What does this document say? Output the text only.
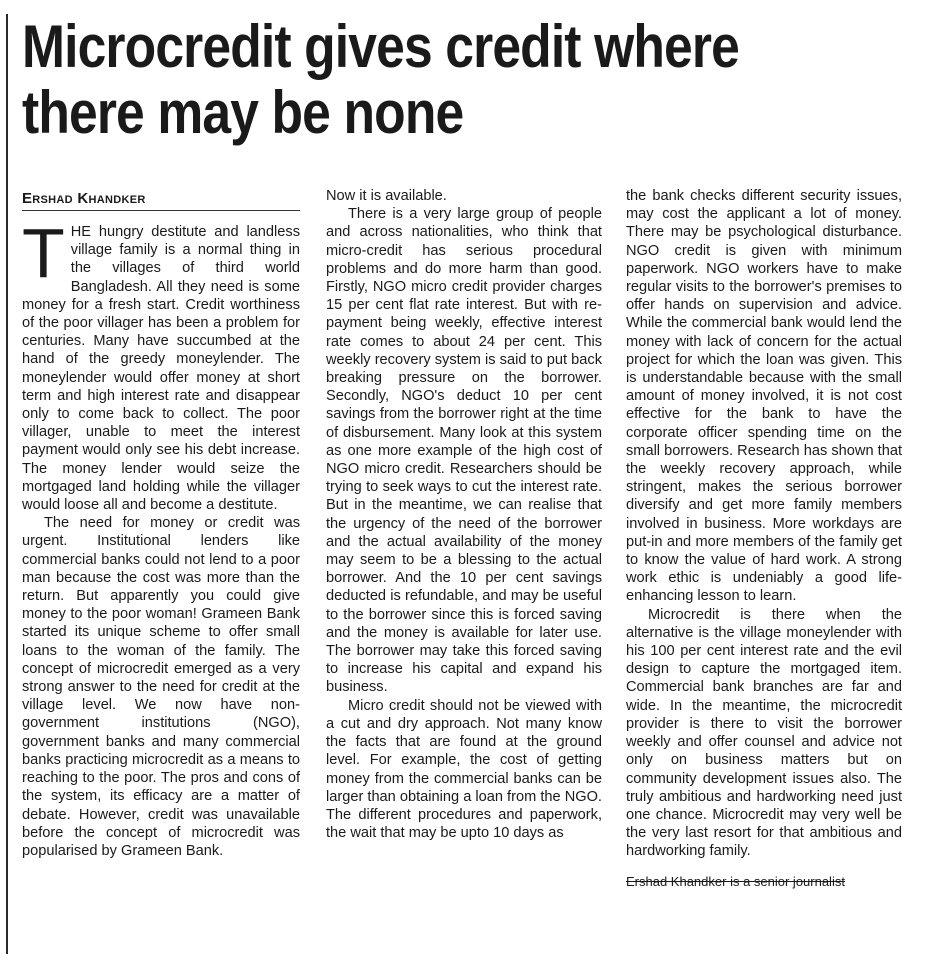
Microcredit gives credit where
there may be none
Ershad Khandker

THE hungry destitute and landless village family is a normal thing in the villages of third world Bangladesh. All they need is some money for a fresh start. Credit worthiness of the poor villager has been a problem for centuries. Many have succumbed at the hand of the greedy moneylender. The moneylender would offer money at short term and high interest rate and disappear only to come back to collect. The poor villager, unable to meet the interest payment would only see his debt increase. The money lender would seize the mortgaged land holding while the villager would loose all and become a destitute.

The need for money or credit was urgent. Institutional lenders like commercial banks could not lend to a poor man because the cost was more than the return. But apparently you could give money to the poor woman! Grameen Bank started its unique scheme to offer small loans to the woman of the family. The concept of microcredit emerged as a very strong answer to the need for credit at the village level. We now have non-government institutions (NGO), government banks and many commercial banks practicing microcredit as a means to reaching to the poor. The pros and cons of the system, its efficacy are a matter of debate. However, credit was unavailable before the concept of microcredit was popularised by Grameen Bank.

Now it is available.

There is a very large group of people and across nationalities, who think that micro-credit has serious procedural problems and do more harm than good. Firstly, NGO micro credit provider charges 15 per cent flat rate interest. But with re-payment being weekly, effective interest rate comes to about 24 per cent. This weekly recovery system is said to put back breaking pressure on the borrower. Secondly, NGO's deduct 10 per cent savings from the borrower right at the time of disbursement. Many look at this system as one more example of the high cost of NGO micro credit. Researchers should be trying to seek ways to cut the interest rate. But in the meantime, we can realise that the urgency of the need of the borrower and the actual availability of the money may seem to be a blessing to the actual borrower. And the 10 per cent savings deducted is refundable, and may be useful to the borrower since this is forced saving and the money is available for later use. The borrower may take this forced saving to increase his capital and expand his business.

Micro credit should not be viewed with a cut and dry approach. Not many know the facts that are found at the ground level. For example, the cost of getting money from the commercial banks can be larger than obtaining a loan from the NGO. The different procedures and paperwork, the wait that may be upto 10 days as

the bank checks different security issues, may cost the applicant a lot of money. There may be psychological disturbance. NGO credit is given with minimum paperwork. NGO workers have to make regular visits to the borrower's premises to offer hands on supervision and advice. While the commercial bank would lend the money with lack of concern for the actual project for which the loan was given. This is understandable because with the small amount of money involved, it is not cost effective for the bank to have the corporate officer spending time on the small borrowers. Research has shown that the weekly recovery approach, while stringent, makes the serious borrower diversify and get more family members involved in business. More workdays are put-in and more members of the family get to know the value of hard work. A strong work ethic is undeniably a good life-enhancing lesson to learn.

Microcredit is there when the alternative is the village moneylender with his 100 per cent interest rate and the evil design to capture the mortgaged item. Commercial bank branches are far and wide. In the meantime, the microcredit provider is there to visit the borrower weekly and offer counsel and advice not only on business matters but on community development issues also. The truly ambitious and hardworking need just one chance. Microcredit may very well be the very last resort for that ambitious and hardworking family.

Ershad Khandker is a senior journalist
